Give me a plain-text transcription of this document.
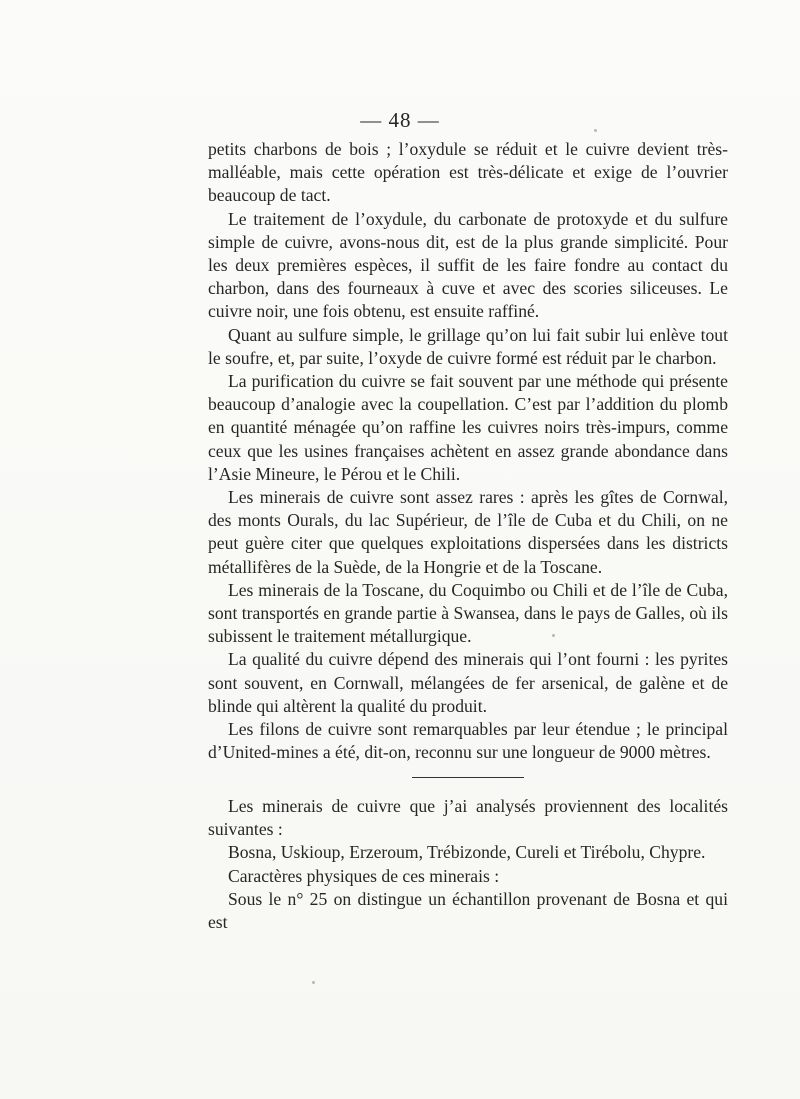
— 48 —

petits charbons de bois ; l’oxydule se réduit et le cuivre devient très-malléable, mais cette opération est très-délicate et exige de l’ouvrier beaucoup de tact.

Le traitement de l’oxydule, du carbonate de protoxyde et du sulfure simple de cuivre, avons-nous dit, est de la plus grande simplicité. Pour les deux premières espèces, il suffit de les faire fondre au contact du charbon, dans des fourneaux à cuve et avec des scories siliceuses. Le cuivre noir, une fois obtenu, est ensuite raffiné.

Quant au sulfure simple, le grillage qu’on lui fait subir lui enlève tout le soufre, et, par suite, l’oxyde de cuivre formé est réduit par le charbon.

La purification du cuivre se fait souvent par une méthode qui présente beaucoup d’analogie avec la coupellation. C’est par l’addition du plomb en quantité ménagée qu’on raffine les cuivres noirs très-impurs, comme ceux que les usines françaises achètent en assez grande abondance dans l’Asie Mineure, le Pérou et le Chili.

Les minerais de cuivre sont assez rares : après les gîtes de Cornwal, des monts Ourals, du lac Supérieur, de l’île de Cuba et du Chili, on ne peut guère citer que quelques exploitations dispersées dans les districts métallifères de la Suède, de la Hongrie et de la Toscane.

Les minerais de la Toscane, du Coquimbo ou Chili et de l’île de Cuba, sont transportés en grande partie à Swansea, dans le pays de Galles, où ils subissent le traitement métallurgique.

La qualité du cuivre dépend des minerais qui l’ont fourni : les pyrites sont souvent, en Cornwall, mélangées de fer arsenical, de galène et de blinde qui altèrent la qualité du produit.

Les filons de cuivre sont remarquables par leur étendue ; le principal d’United-mines a été, dit-on, reconnu sur une longueur de 9000 mètres.

Les minerais de cuivre que j’ai analysés proviennent des localités suivantes :

Bosna, Uskioup, Erzeroum, Trébizonde, Cureli et Tirébolu, Chypre.

Caractères physiques de ces minerais :

Sous le n° 25 on distingue un échantillon provenant de Bosna et qui est
